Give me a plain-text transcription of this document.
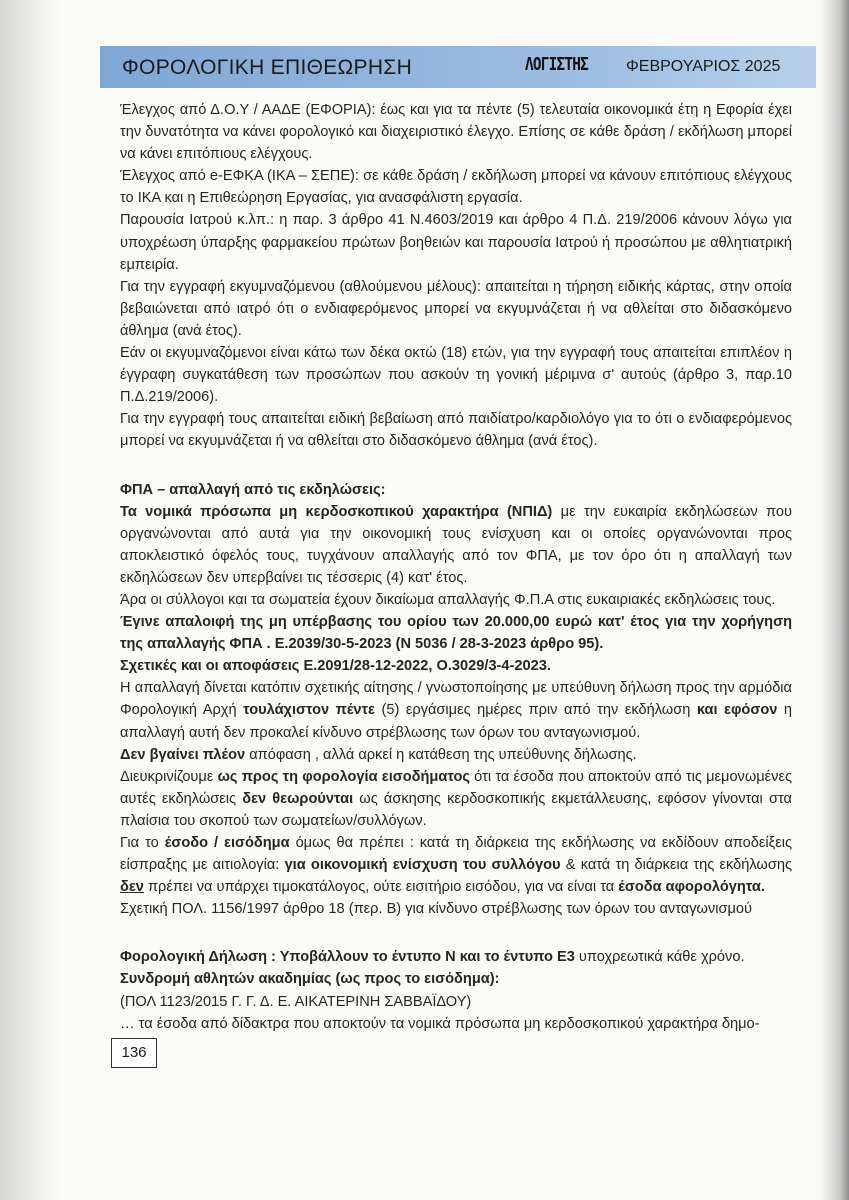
ΦΟΡΟΛΟΓΙΚΗ ΕΠΙΘΕΩΡΗΣΗ	ΛΟΓΙΣΤΗΣ ΦΕΒΡΟΥΑΡΙΟΣ 2025

Έλεγχος από Δ.Ο.Υ / ΑΑΔΕ (ΕΦΟΡΙΑ): έως και για τα πέντε (5) τελευταία οικονομικά έτη η Εφορία έχει την δυνατότητα να κάνει φορολογικό και διαχειριστικό έλεγχο. Επίσης σε κάθε δράση / εκδήλωση μπορεί να κάνει επιτόπιους ελέγχους.

Έλεγχος από e-ΕΦΚΑ (ΙΚΑ – ΣΕΠΕ): σε κάθε δράση / εκδήλωση μπορεί να κάνουν επιτόπιους ελέγχους το ΙΚΑ και η Επιθεώρηση Εργασίας, για ανασφάλιστη εργασία.

Παρουσία Ιατρού κ.λπ.: η παρ. 3 άρθρο 41 Ν.4603/2019 και άρθρο 4 Π.Δ. 219/2006 κάνουν λόγω για υποχρέωση ύπαρξης φαρμακείου πρώτων βοηθειών και παρουσία Ιατρού ή προσώπου με αθλητιατρική εμπειρία.

Για την εγγραφή εκγυμναζόμενου (αθλούμενου μέλους): απαιτείται η τήρηση ειδικής κάρτας, στην οποία βεβαιώνεται από ιατρό ότι ο ενδιαφερόμενος μπορεί να εκγυμνάζεται ή να αθλείται στο διδασκόμενο άθλημα (ανά έτος).

Εάν οι εκγυμναζόμενοι είναι κάτω των δέκα οκτώ (18) ετών, για την εγγραφή τους απαιτείται επιπλέον η έγγραφη συγκατάθεση των προσώπων που ασκούν τη γονική μέριμνα σ' αυτούς (άρθρο 3, παρ.10 Π.Δ.219/2006).

Για την εγγραφή τους απαιτείται ειδική βεβαίωση από παιδίατρο/καρδιολόγο για το ότι ο ενδιαφερόμενος μπορεί να εκγυμνάζεται ή να αθλείται στο διδασκόμενο άθλημα (ανά έτος).

ΦΠΑ – απαλλαγή από τις εκδηλώσεις:

Τα νομικά πρόσωπα μη κερδοσκοπικού χαρακτήρα (ΝΠΙΔ) με την ευκαιρία εκδηλώσεων που οργανώνονται από αυτά για την οικονομική τους ενίσχυση και οι οποίες οργανώνονται προς αποκλειστικό όφελός τους, τυγχάνουν απαλλαγής από τον ΦΠΑ, με τον όρο ότι η απαλλαγή των εκδηλώσεων δεν υπερβαίνει τις τέσσερις (4) κατ' έτος.

Άρα οι σύλλογοι και τα σωματεία έχουν δικαίωμα απαλλαγής Φ.Π.Α στις ευκαιριακές εκδηλώσεις τους.

Έγινε απαλοιφή της μη υπέρβασης του ορίου των 20.000,00 ευρώ κατ' έτος για την χορήγηση της απαλλαγής ΦΠΑ . Ε.2039/30-5-2023 (Ν 5036 / 28-3-2023 άρθρο 95).

Σχετικές και οι αποφάσεις Ε.2091/28-12-2022, Ο.3029/3-4-2023.

Η απαλλαγή δίνεται κατόπιν σχετικής αίτησης / γνωστοποίησης με υπεύθυνη δήλωση προς την αρμόδια Φορολογική Αρχή τουλάχιστον πέντε (5) εργάσιμες ημέρες πριν από την εκδήλωση και εφόσον η απαλλαγή αυτή δεν προκαλεί κίνδυνο στρέβλωσης των όρων του ανταγωνισμού.

Δεν βγαίνει πλέον απόφαση , αλλά αρκεί η κατάθεση της υπεύθυνης δήλωσης.

Διευκρινίζουμε ως προς τη φορολογία εισοδήματος ότι τα έσοδα που αποκτούν από τις μεμονωμένες αυτές εκδηλώσεις δεν θεωρούνται ως άσκησης κερδοσκοπικής εκμετάλλευσης, εφόσον γίνονται στα πλαίσια του σκοπού των σωματείων/συλλόγων.

Για το έσοδο / εισόδημα όμως θα πρέπει : κατά τη διάρκεια της εκδήλωσης να εκδίδουν αποδείξεις είσπραξης με αιτιολογία: για οικονομική ενίσχυση του συλλόγου & κατά τη διάρκεια της εκδήλωσης δεν πρέπει να υπάρχει τιμοκατάλογος, ούτε εισιτήριο εισόδου, για να είναι τα έσοδα αφορολόγητα.

Σχετική ΠΟΛ. 1156/1997 άρθρο 18 (περ. Β) για κίνδυνο στρέβλωσης των όρων του ανταγωνισμού

Φορολογική Δήλωση : Υποβάλλουν το έντυπο Ν και το έντυπο Ε3 υποχρεωτικά κάθε χρόνο.

Συνδρομή αθλητών ακαδημίας (ως προς το εισόδημα):

(ΠΟΛ 1123/2015 Γ. Γ. Δ. Ε. ΑΙΚΑΤΕΡΙΝΗ ΣΑΒΒΑΪΔΟΥ)

… τα έσοδα από δίδακτρα που αποκτούν τα νομικά πρόσωπα μη κερδοσκοπικού χαρακτήρα δημο-

136
